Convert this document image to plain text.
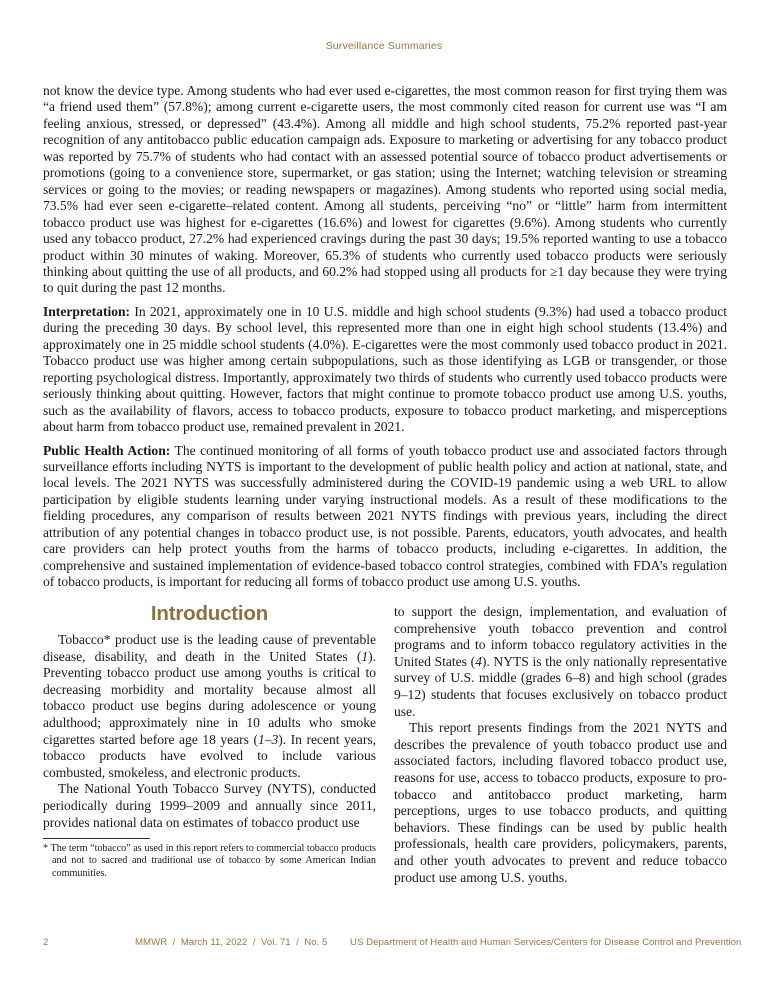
Surveillance Summaries

not know the device type. Among students who had ever used e-cigarettes, the most common reason for first trying them was “a friend used them” (57.8%); among current e-cigarette users, the most commonly cited reason for current use was “I am feeling anxious, stressed, or depressed” (43.4%). Among all middle and high school students, 75.2% reported past-year recognition of any antitobacco public education campaign ads. Exposure to marketing or advertising for any tobacco product was reported by 75.7% of students who had contact with an assessed potential source of tobacco product advertisements or promotions (going to a convenience store, supermarket, or gas station; using the Internet; watching television or streaming services or going to the movies; or reading newspapers or magazines). Among students who reported using social media, 73.5% had ever seen e-cigarette–related content. Among all students, perceiving “no” or “little” harm from intermittent tobacco product use was highest for e-cigarettes (16.6%) and lowest for cigarettes (9.6%). Among students who currently used any tobacco product, 27.2% had experienced cravings during the past 30 days; 19.5% reported wanting to use a tobacco product within 30 minutes of waking. Moreover, 65.3% of students who currently used tobacco products were seriously thinking about quitting the use of all products, and 60.2% had stopped using all products for ≥1 day because they were trying to quit during the past 12 months.

Interpretation: In 2021, approximately one in 10 U.S. middle and high school students (9.3%) had used a tobacco product during the preceding 30 days. By school level, this represented more than one in eight high school students (13.4%) and approximately one in 25 middle school students (4.0%). E-cigarettes were the most commonly used tobacco product in 2021. Tobacco product use was higher among certain subpopulations, such as those identifying as LGB or transgender, or those reporting psychological distress. Importantly, approximately two thirds of students who currently used tobacco products were seriously thinking about quitting. However, factors that might continue to promote tobacco product use among U.S. youths, such as the availability of flavors, access to tobacco products, exposure to tobacco product marketing, and misperceptions about harm from tobacco product use, remained prevalent in 2021.

Public Health Action: The continued monitoring of all forms of youth tobacco product use and associated factors through surveillance efforts including NYTS is important to the development of public health policy and action at national, state, and local levels. The 2021 NYTS was successfully administered during the COVID-19 pandemic using a web URL to allow participation by eligible students learning under varying instructional models. As a result of these modifications to the fielding procedures, any comparison of results between 2021 NYTS findings with previous years, including the direct attribution of any potential changes in tobacco product use, is not possible. Parents, educators, youth advocates, and health care providers can help protect youths from the harms of tobacco products, including e-cigarettes. In addition, the comprehensive and sustained implementation of evidence-based tobacco control strategies, combined with FDA’s regulation of tobacco products, is important for reducing all forms of tobacco product use among U.S. youths.

Introduction

Tobacco* product use is the leading cause of preventable disease, disability, and death in the United States (1). Preventing tobacco product use among youths is critical to decreasing morbidity and mortality because almost all tobacco product use begins during adolescence or young adulthood; approximately nine in 10 adults who smoke cigarettes started before age 18 years (1–3). In recent years, tobacco products have evolved to include various combusted, smokeless, and electronic products.

The National Youth Tobacco Survey (NYTS), conducted periodically during 1999–2009 and annually since 2011, provides national data on estimates of tobacco product use

to support the design, implementation, and evaluation of comprehensive youth tobacco prevention and control programs and to inform tobacco regulatory activities in the United States (4). NYTS is the only nationally representative survey of U.S. middle (grades 6–8) and high school (grades 9–12) students that focuses exclusively on tobacco product use.

This report presents findings from the 2021 NYTS and describes the prevalence of youth tobacco product use and associated factors, including flavored tobacco product use, reasons for use, access to tobacco products, exposure to pro-tobacco and antitobacco product marketing, harm perceptions, urges to use tobacco products, and quitting behaviors. These findings can be used by public health professionals, health care providers, policymakers, parents, and other youth advocates to prevent and reduce tobacco product use among U.S. youths.

* The term “tobacco” as used in this report refers to commercial tobacco products and not to sacred and traditional use of tobacco by some American Indian communities.

2	MMWR  /  March 11, 2022  /  Vol. 71  /  No. 5 US Department of Health and Human Services/Centers for Disease Control and Prevention
